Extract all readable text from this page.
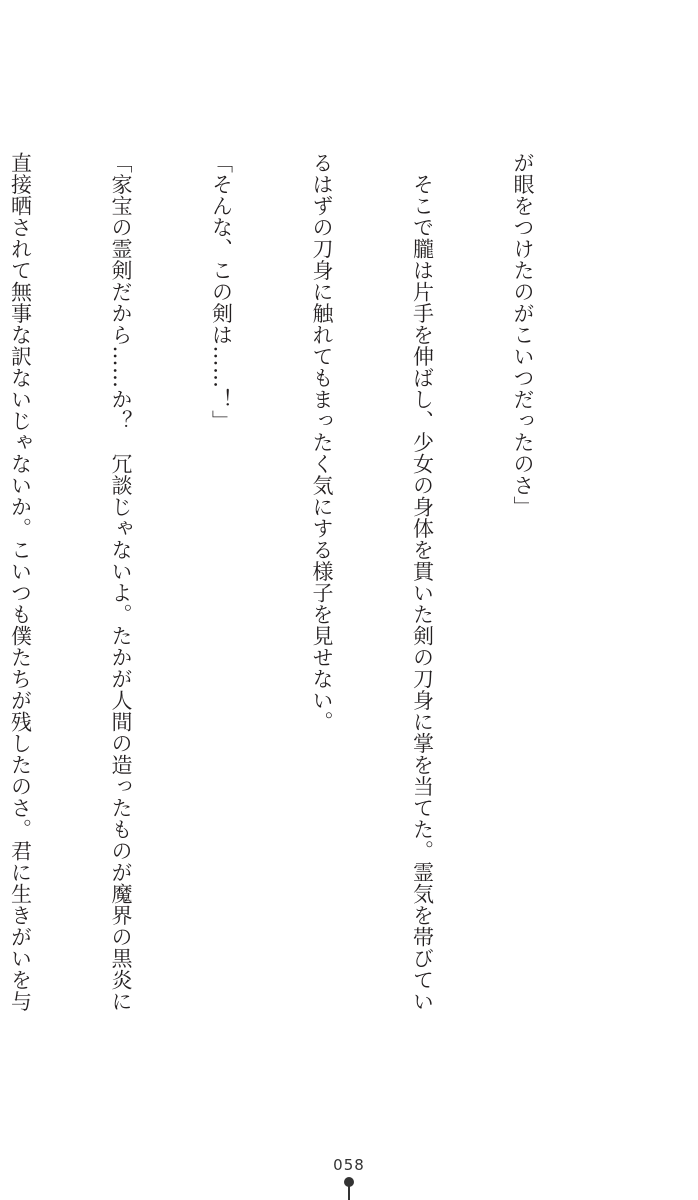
が眼をつけたのがこいつだったのさ」

　そこで朧は片手を伸ばし、少女の身体を貫いた剣の刀身に掌を当てた。霊気を帯びてい

るはずの刀身に触れてもまったく気にする様子を見せない。

「そんな、この剣は……！」

「家宝の霊剣だから……か？　冗談じゃないよ。たかが人間の造ったものが魔界の黒炎に

直接晒されて無事な訳ないじゃないか。こいつも僕たちが残したのさ。君に生きがいを与

058
